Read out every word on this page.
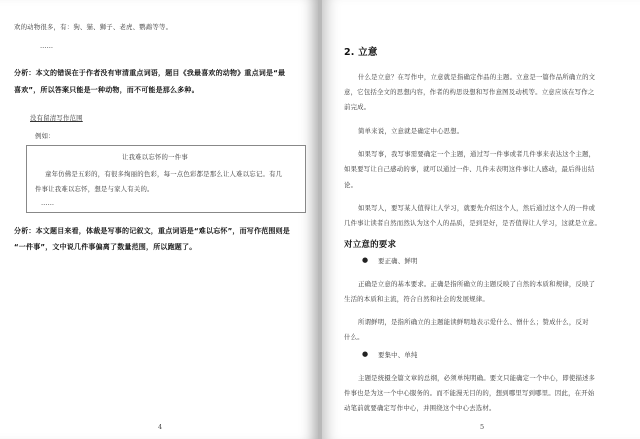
欢的动物很多，有：狗、猫、狮子、老虎、鹦鹉等等。
……
分析：本文的错误在于作者没有审清重点词语，题目《我最喜欢的动物》重点词是“最
喜欢”，所以答案只能是一种动物，而不可能是那么多种。
没有留清写作范围
例如：
让我难以忘怀的一件事
童年仿佛是五彩的，有很多绚丽的色彩，每一点色彩都是那么让人难以忘记。有几
件事让我难以忘怀，想是与家人有关的。
……
分析：本文题目来看，体裁是写事的记叙文，重点词语是“难以忘怀”，而写作范围则是
“一件事”，文中说几件事偏离了数量范围，所以跑题了。
4
2. 立意
什么是立意？在写作中，立意就是指确定作品的主题。立意是一篇作品所确立的文
意，它包括全文的思想内容，作者的构思设想和写作意图及动机等。立意应该在写作之
前完成。
简单来说，立意就是确定中心思想。
如果写事，我写事需要确定一个主题，通过写一件事或者几件事来表达这个主题，
如果要写让自己感动的事，就可以通过一件、几件未表明这件事让人感动，最后得出结
论。
如果写人，要写某人值得让人学习，就要先介绍这个人，然后通过这个人的一件或
几件事让读者自然而然认为这个人的品质，是到是好，是否值得让人学习，这就是立意。
对立意的要求
● 要正确、鲜明
正确是立意的基本要求。正确是指所确立的主题反映了自然的本质和规律，反映了
生活的本质和主流，符合自然和社会的发展规律。
所谓鲜明，是指所确立的主题能读鲜明地表示爱什么、憎什么；赞成什么，反对
什么。
● 要集中、单纯
主题是统摄全篇文章的总纲，必须单纯明确。要文只能确定一个中心，即使描述多
件事也是为这一个中心服务的。而不能漫无目的的，想到哪里写到哪里。因此，在开始
动笔前就要确定写作中心，并围绕这个中心去选材。
5
